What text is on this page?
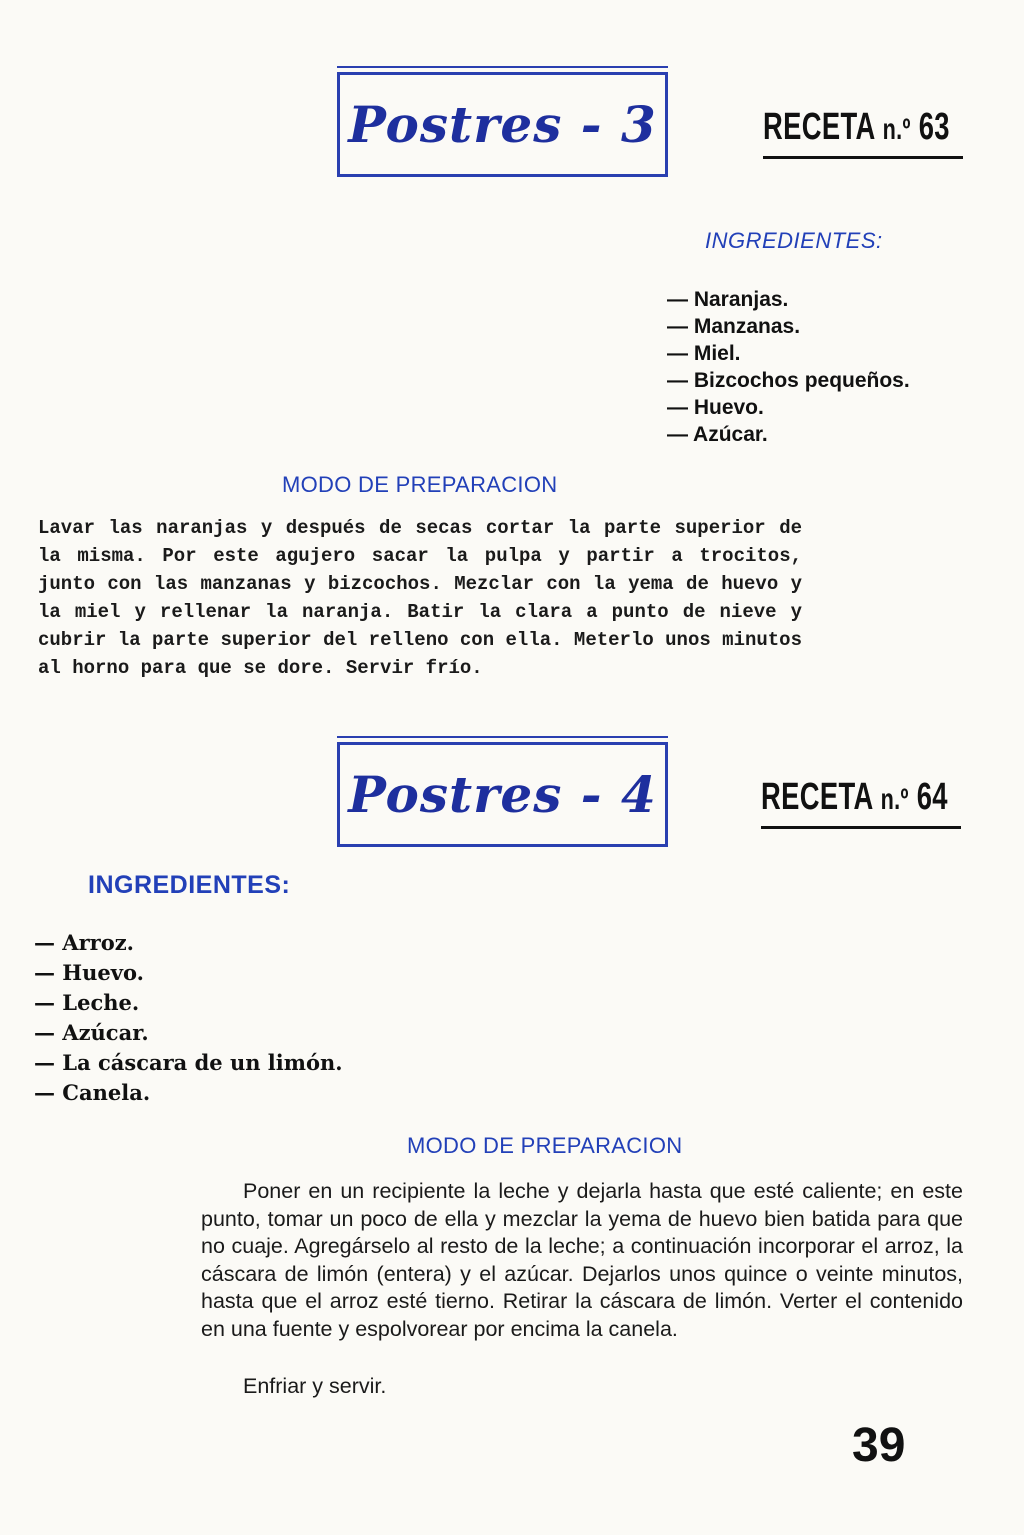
Postres - 3	RECETA n.º 63
INGREDIENTES:
— Naranjas.
— Manzanas.
— Miel.
— Bizcochos pequeños.
— Huevo.
— Azúcar.
MODO DE PREPARACION
Lavar las naranjas y después de secas cortar la parte superior de la misma. Por este agujero sacar la pulpa y partir a trocitos, junto con las manzanas y bizcochos. Mezclar con la yema de huevo y la miel y rellenar la naranja. Batir la clara a punto de nieve y cubrir la parte superior del relleno con ella. Meterlo unos minutos al horno para que se dore. Servir frío.
Postres - 4	RECETA n.º 64
INGREDIENTES:
— Arroz.
— Huevo.
— Leche.
— Azúcar.
— La cáscara de un limón.
— Canela.
MODO DE PREPARACION
Poner en un recipiente la leche y dejarla hasta que esté caliente; en este punto, tomar un poco de ella y mezclar la yema de huevo bien batida para que no cuaje. Agregárselo al resto de la leche; a continuación incorporar el arroz, la cáscara de limón (entera) y el azúcar. Dejarlos unos quince o veinte minutos, hasta que el arroz esté tierno. Retirar la cáscara de limón. Verter el contenido en una fuente y espolvorear por encima la canela.
Enfriar y servir.
39
